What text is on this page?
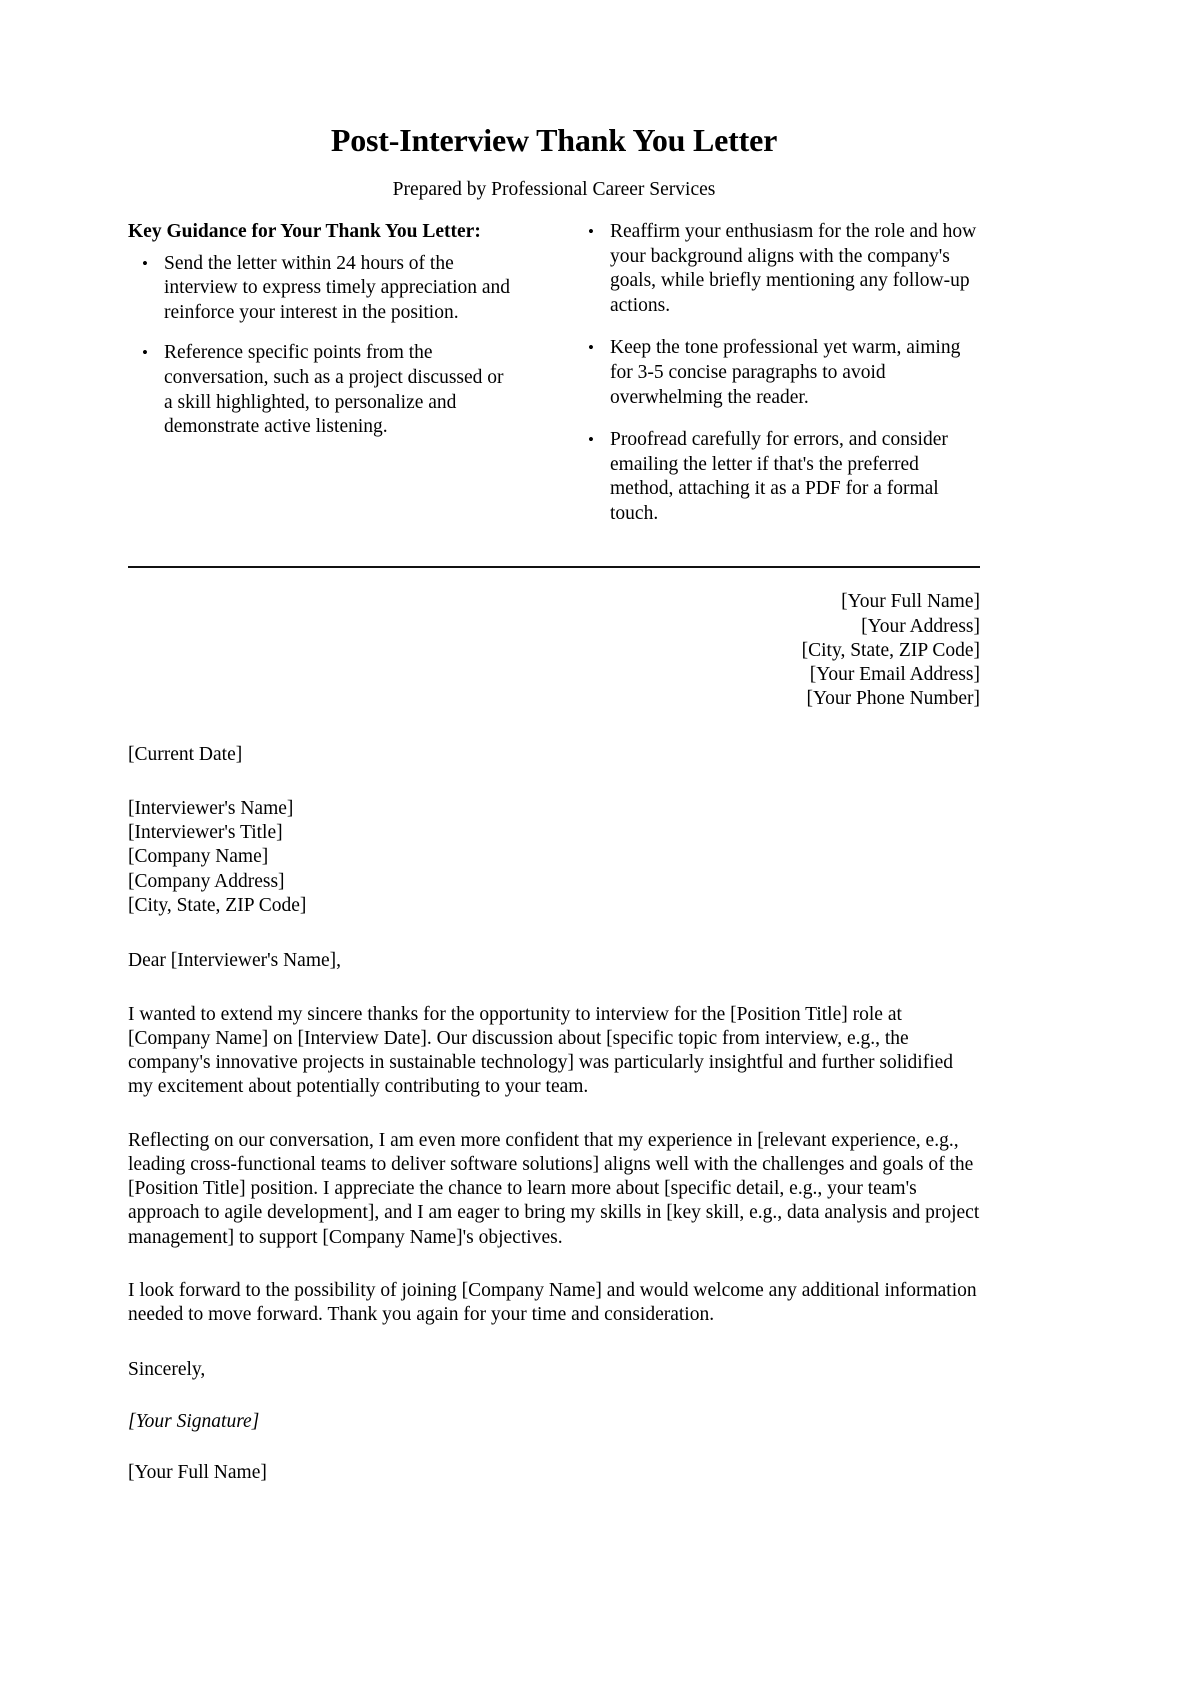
Post-Interview Thank You Letter

Prepared by Professional Career Services

Key Guidance for Your Thank You Letter:

• Send the letter within 24 hours of the interview to express timely appreciation and reinforce your interest in the position.
• Reference specific points from the conversation, such as a project discussed or a skill highlighted, to personalize and demonstrate active listening.
• Reaffirm your enthusiasm for the role and how your background aligns with the company's goals, while briefly mentioning any follow-up actions.
• Keep the tone professional yet warm, aiming for 3-5 concise paragraphs to avoid overwhelming the reader.
• Proofread carefully for errors, and consider emailing the letter if that's the preferred method, attaching it as a PDF for a formal touch.
[Your Full Name]
[Your Address]
[City, State, ZIP Code]
[Your Email Address]
[Your Phone Number]
[Current Date]
[Interviewer's Name]
[Interviewer's Title]
[Company Name]
[Company Address]
[City, State, ZIP Code]
Dear [Interviewer's Name],

I wanted to extend my sincere thanks for the opportunity to interview for the [Position Title] role at [Company Name] on [Interview Date]. Our discussion about [specific topic from interview, e.g., the company's innovative projects in sustainable technology] was particularly insightful and further solidified my excitement about potentially contributing to your team.

Reflecting on our conversation, I am even more confident that my experience in [relevant experience, e.g., leading cross-functional teams to deliver software solutions] aligns well with the challenges and goals of the [Position Title] position. I appreciate the chance to learn more about [specific detail, e.g., your team's approach to agile development], and I am eager to bring my skills in [key skill, e.g., data analysis and project management] to support [Company Name]'s objectives.

I look forward to the possibility of joining [Company Name] and would welcome any additional information needed to move forward. Thank you again for your time and consideration.

Sincerely,
[Your Signature]
[Your Full Name]
